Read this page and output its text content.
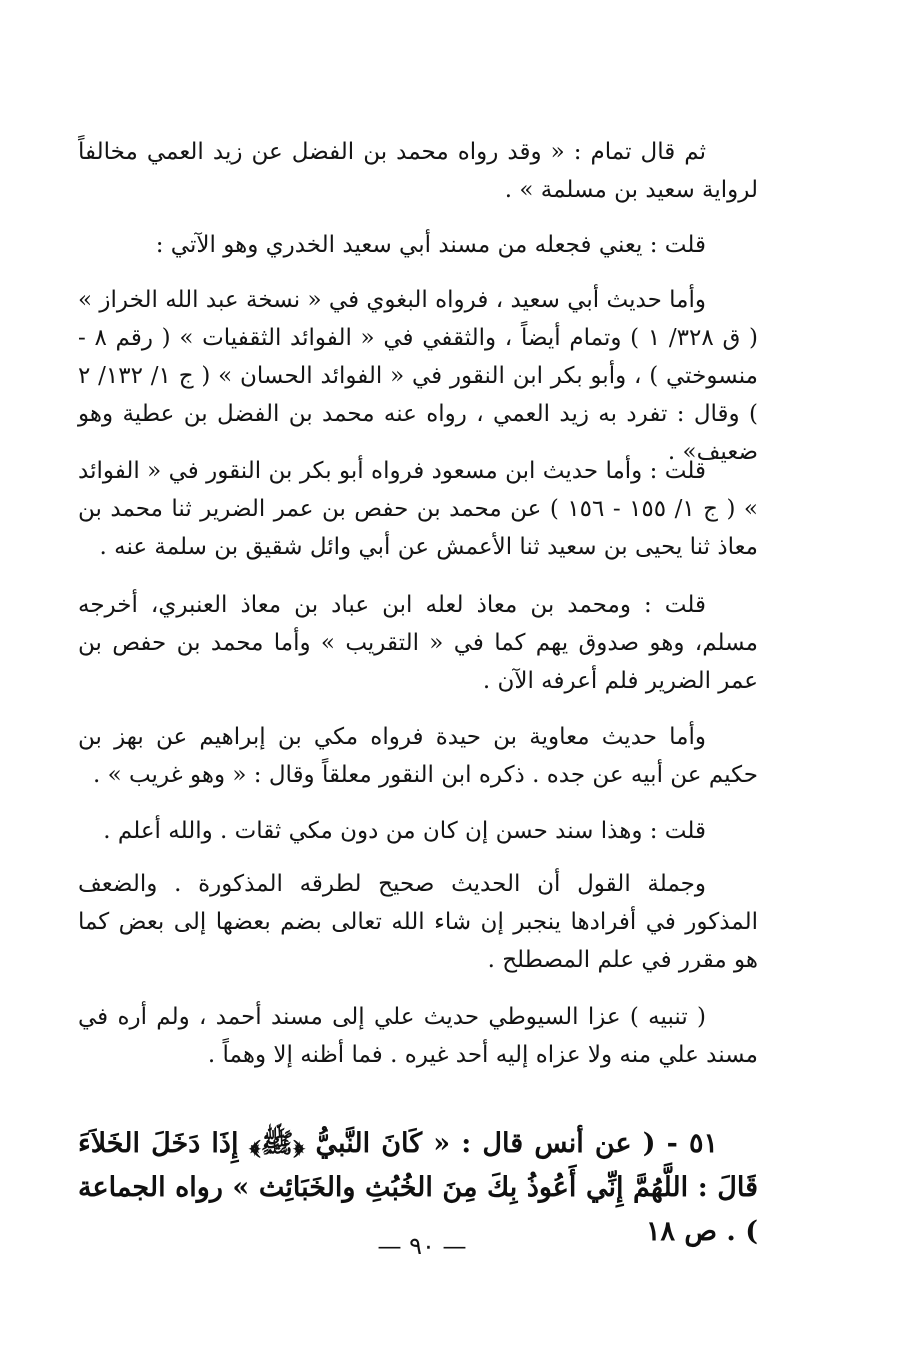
ثم قال تمام : « وقد رواه محمد بن الفضل عن زيد العمي مخالفاً لرواية سعيد بن مسلمة » .

قلت : يعني فجعله من مسند أبي سعيد الخدري وهو الآتي :

وأما حديث أبي سعيد ، فرواه البغوي في « نسخة عبد الله الخراز » ( ق ٣٢٨/ ١ ) وتمام أيضاً ، والثقفي في « الفوائد الثقفيات » ( رقم ٨ - منسوختي ) ، وأبو بكر ابن النقور في « الفوائد الحسان » ( ج ١/ ١٣٢/ ٢ ) وقال : تفرد به زيد العمي ، رواه عنه محمد بن الفضل بن عطية وهو ضعيف» .

قلت : وأما حديث ابن مسعود فرواه أبو بكر بن النقور في « الفوائد » ( ج ١/ ١٥٥ - ١٥٦ ) عن محمد بن حفص بن عمر الضرير ثنا محمد بن معاذ ثنا يحيى بن سعيد ثنا الأعمش عن أبي وائل شقيق بن سلمة عنه .

قلت : ومحمد بن معاذ لعله ابن عباد بن معاذ العنبري، أخرجه مسلم، وهو صدوق يهم كما في « التقريب » وأما محمد بن حفص بن عمر الضرير فلم أعرفه الآن .

وأما حديث معاوية بن حيدة فرواه مكي بن إبراهيم عن بهز بن حكيم عن أبيه عن جده . ذكره ابن النقور معلقاً وقال : « وهو غريب » .

قلت : وهذا سند حسن إن كان من دون مكي ثقات . والله أعلم .

وجملة القول أن الحديث صحيح لطرقه المذكورة . والضعف المذكور في أفرادها ينجبر إن شاء الله تعالى بضم بعضها إلى بعض كما هو مقرر في علم المصطلح .

( تنبيه ) عزا السيوطي حديث علي إلى مسند أحمد ، ولم أره في مسند علي منه ولا عزاه إليه أحد غيره . فما أظنه إلا وهماً .

٥١ - ( عن أنس قال : « كَانَ النَّبيُّ ﴿ﷺ﴾ إِذَا دَخَلَ الخَلاَءَ قَالَ : اللَّهُمَّ إِنِّي أَعُوذُ بِكَ مِنَ الخُبُثِ والخَبَائِث » رواه الجماعة ) . ص ١٨

— ٩٠ —
